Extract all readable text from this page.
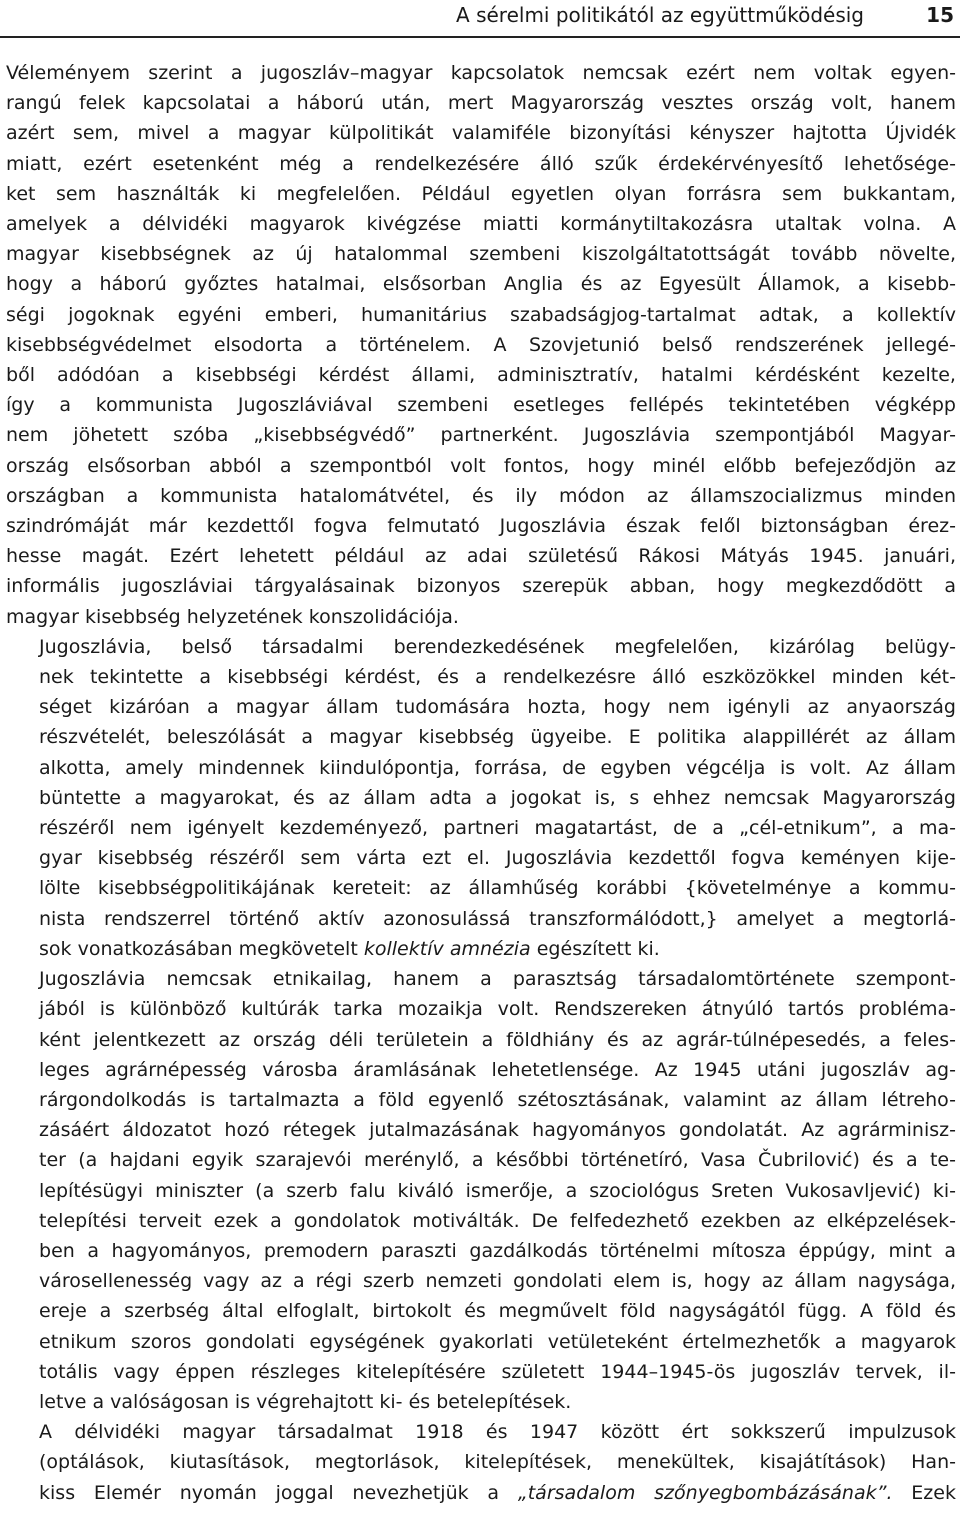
A sérelmi politikától az együttműködésig	15

Véleményem szerint a jugoszláv–magyar kapcsolatok nemcsak ezért nem voltak egyen-
rangú felek kapcsolatai a háború után, mert Magyarország vesztes ország volt, hanem
azért sem, mivel a magyar külpolitikát valamiféle bizonyítási kényszer hajtotta Újvidék
miatt, ezért esetenként még a rendelkezésére álló szűk érdekérvényesítő lehetősége-
ket sem használták ki megfelelően. Például egyetlen olyan forrásra sem bukkantam,
amelyek a délvidéki magyarok kivégzése miatti kormánytiltakozásra utaltak volna. A
magyar kisebbségnek az új hatalommal szembeni kiszolgáltatottságát tovább növelte,
hogy a háború győztes hatalmai, elsősorban Anglia és az Egyesült Államok, a kisebb-
ségi jogoknak egyéni emberi, humanitárius szabadságjog-tartalmat adtak, a kollektív
kisebbségvédelmet elsodorta a történelem. A Szovjetunió belső rendszerének jellegé-
ből adódóan a kisebbségi kérdést állami, adminisztratív, hatalmi kérdésként kezelte,
így a kommunista Jugoszláviával szembeni esetleges fellépés tekintetében végképp
nem jöhetett szóba „kisebbségvédő” partnerként. Jugoszlávia szempontjából Magyar-
ország elsősorban abból a szempontból volt fontos, hogy minél előbb befejeződjön az
országban a kommunista hatalomátvétel, és ily módon az államszocializmus minden
szindrómáját már kezdettől fogva felmutató Jugoszlávia észak felől biztonságban érez-
hesse magát. Ezért lehetett például az adai születésű Rákosi Mátyás 1945. januári,
informális jugoszláviai tárgyalásainak bizonyos szerepük abban, hogy megkezdődött a
magyar kisebbség helyzetének konszolidációja.

Jugoszlávia, belső társadalmi berendezkedésének megfelelően, kizárólag belügy-
nek tekintette a kisebbségi kérdést, és a rendelkezésre álló eszközökkel minden két-
séget kizáróan a magyar állam tudomására hozta, hogy nem igényli az anyaország
részvételét, beleszólását a magyar kisebbség ügyeibe. E politika alappillérét az állam
alkotta, amely mindennek kiindulópontja, forrása, de egyben végcélja is volt. Az állam
büntette a magyarokat, és az állam adta a jogokat is, s ehhez nemcsak Magyarország
részéről nem igényelt kezdeményező, partneri magatartást, de a „cél-etnikum”, a ma-
gyar kisebbség részéről sem várta ezt el. Jugoszlávia kezdettől fogva keményen kije-
lölte kisebbségpolitikájának kereteit: az államhűség korábbi {követelménye a kommu-
nista rendszerrel történő aktív azonosulássá transzformálódott,} amelyet a megtorlá-
sok vonatkozásában megkövetelt kollektív amnézia egészített ki.

Jugoszlávia nemcsak etnikailag, hanem a parasztság társadalomtörténete szempont-
jából is különböző kultúrák tarka mozaikja volt. Rendszereken átnyúló tartós probléma-
ként jelentkezett az ország déli területein a földhiány és az agrár-túlnépesedés, a feles-
leges agrárnépesség városba áramlásának lehetetlensége. Az 1945 utáni jugoszláv ag-
rárgondolkodás is tartalmazta a föld egyenlő szétosztásának, valamint az állam létreho-
zásáért áldozatot hozó rétegek jutalmazásának hagyományos gondolatát. Az agrárminisz-
ter (a hajdani egyik szarajevói merénylő, a későbbi történetíró, Vasa Čubrilović) és a te-
lepítésügyi miniszter (a szerb falu kiváló ismerője, a szociológus Sreten Vukosavljević) ki-
telepítési terveit ezek a gondolatok motiválták. De felfedezhető ezekben az elképzelések-
ben a hagyományos, premodern paraszti gazdálkodás történelmi mítosza éppúgy, mint a
városellenesség vagy az a régi szerb nemzeti gondolati elem is, hogy az állam nagysága,
ereje a szerbség által elfoglalt, birtokolt és megművelt föld nagyságától függ. A föld és
etnikum szoros gondolati egységének gyakorlati vetületeként értelmezhetők a magyarok
totális vagy éppen részleges kitelepítésére született 1944–1945-ös jugoszláv tervek, il-
letve a valóságosan is végrehajtott ki- és betelepítések.

A délvidéki magyar társadalmat 1918 és 1947 között ért sokkszerű impulzusok
(optálások, kiutasítások, megtorlások, kitelepítések, menekültek, kisajátítások) Han-
kiss Elemér nyomán joggal nevezhetjük a „társadalom szőnyegbombázásának”. Ezek
